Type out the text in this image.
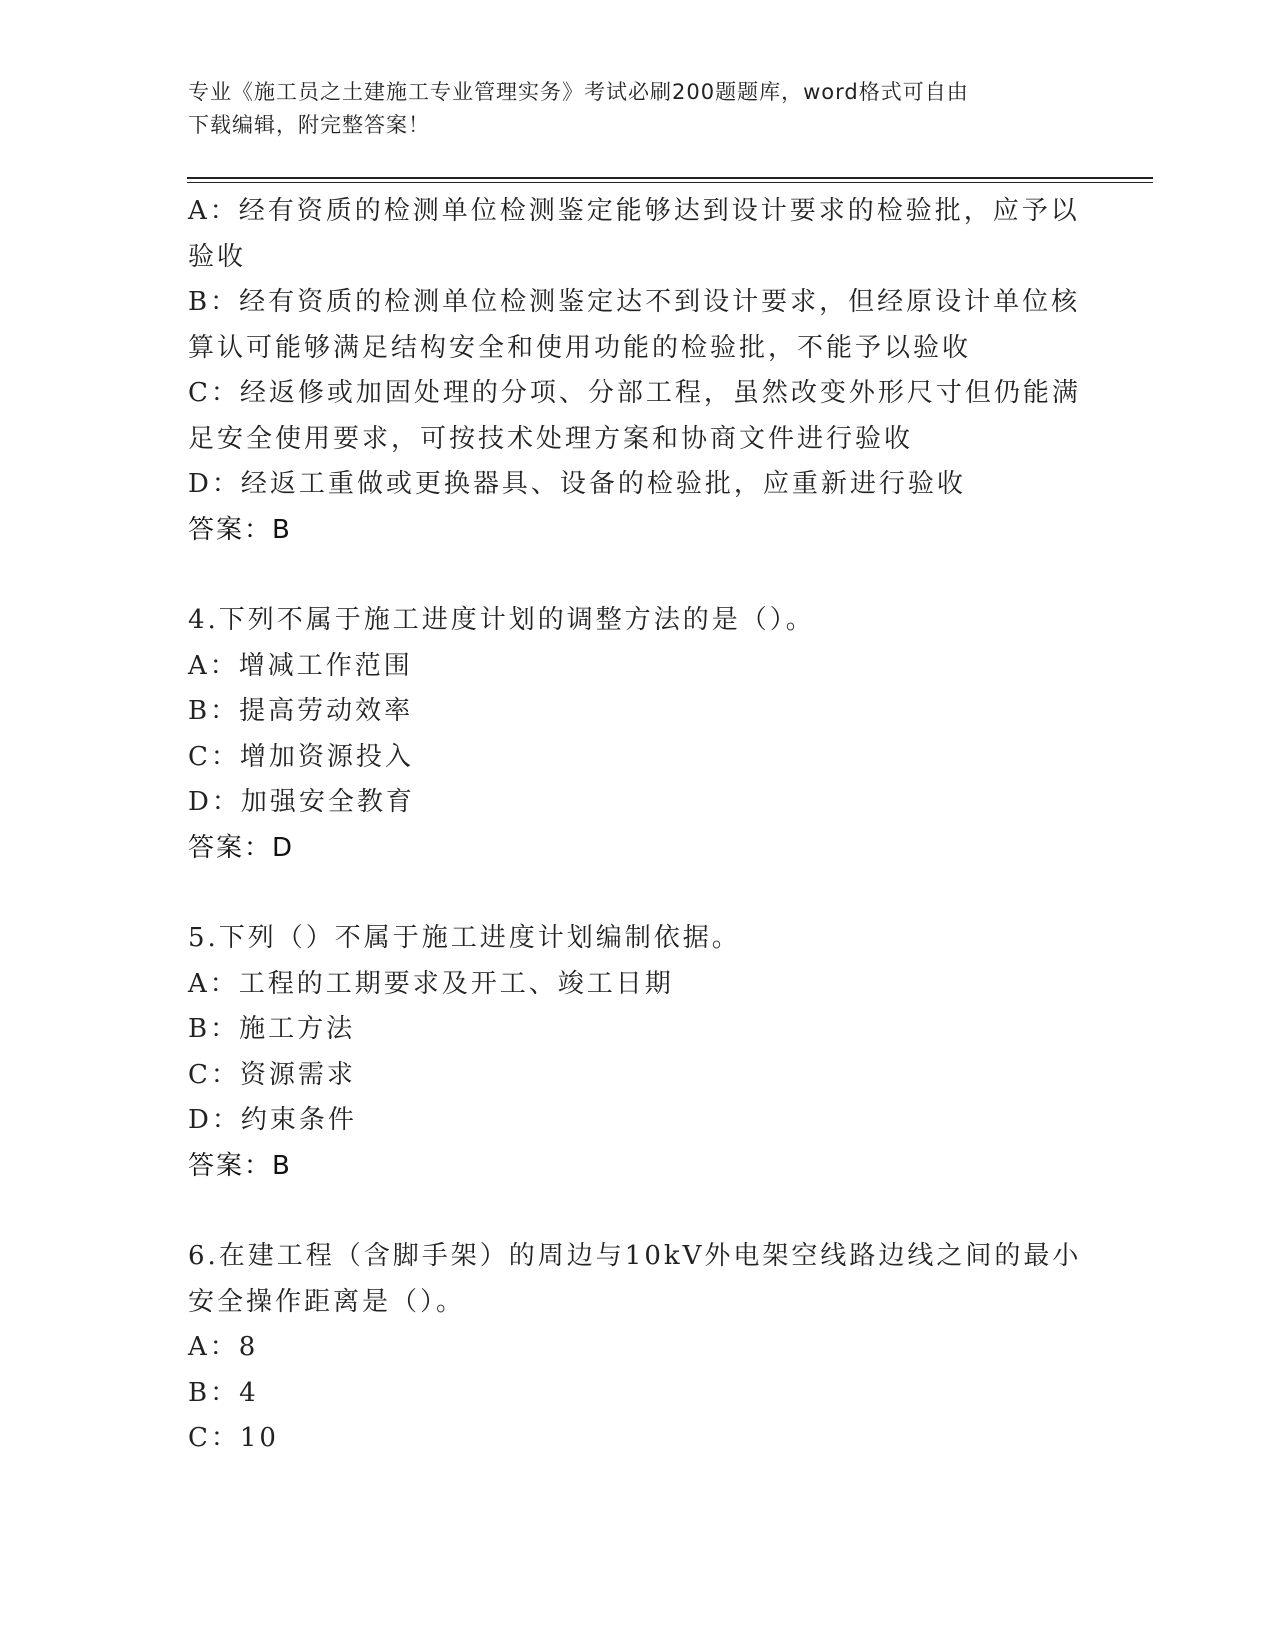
专业《施工员之土建施工专业管理实务》考试必刷200题题库，word格式可自由
下载编辑，附完整答案！
A：经有资质的检测单位检测鉴定能够达到设计要求的检验批，应予以
验收
B：经有资质的检测单位检测鉴定达不到设计要求，但经原设计单位核
算认可能够满足结构安全和使用功能的检验批，不能予以验收
C：经返修或加固处理的分项、分部工程，虽然改变外形尺寸但仍能满
足安全使用要求，可按技术处理方案和协商文件进行验收
D：经返工重做或更换器具、设备的检验批，应重新进行验收
答案：B
4.下列不属于施工进度计划的调整方法的是（）。
A：增减工作范围
B：提高劳动效率
C：增加资源投入
D：加强安全教育
答案：D
5.下列（）不属于施工进度计划编制依据。
A：工程的工期要求及开工、竣工日期
B：施工方法
C：资源需求
D：约束条件
答案：B
6.在建工程（含脚手架）的周边与10kV外电架空线路边线之间的最小
安全操作距离是（）。
A：8
B：4
C：10
